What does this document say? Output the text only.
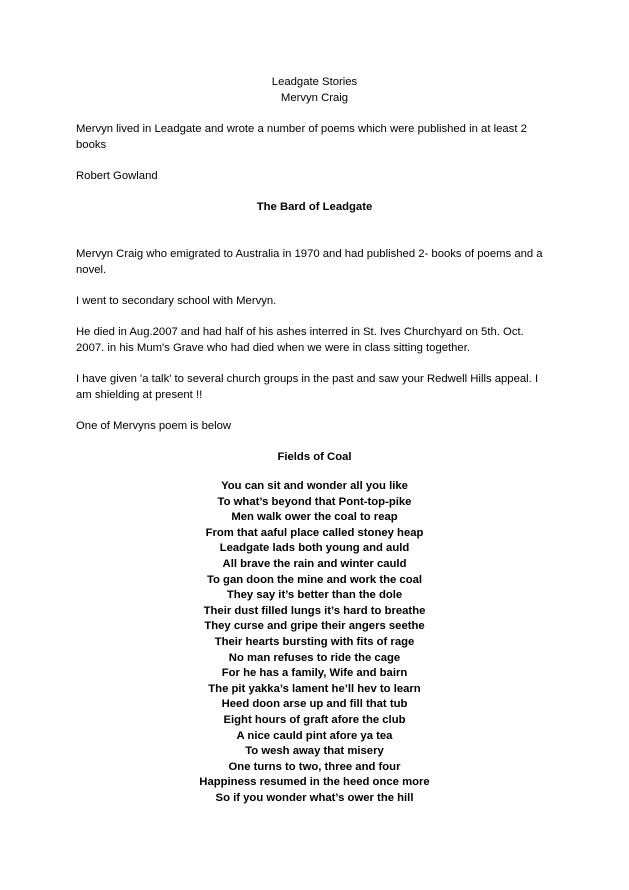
Leadgate Stories
Mervyn Craig

Mervyn lived in Leadgate and wrote a number of poems which were published in at least 2 books

Robert Gowland

The Bard of Leadgate

Mervyn Craig who emigrated to Australia in 1970 and had published 2- books of poems and a novel.

I went to secondary school with Mervyn.

He died in Aug.2007 and had half of his ashes interred in St. Ives Churchyard on 5th. Oct. 2007. in his Mum's Grave who had died when we were in class sitting together.

I have given 'a talk' to several church groups in the past and saw your Redwell Hills appeal. I am shielding at present !!

One of Mervyns poem is below

Fields of Coal

You can sit and wonder all you like
To what’s beyond that Pont-top-pike
Men walk ower the coal to reap
From that aaful place called stoney heap
Leadgate lads both young and auld
All brave the rain and winter cauld
To gan doon the mine and work the coal
They say it’s better than the dole
Their dust filled lungs it’s hard to breathe
They curse and gripe their angers seethe
Their hearts bursting with fits of rage
No man refuses to ride the cage
For he has a family, Wife and bairn
The pit yakka’s lament he’ll hev to learn
Heed doon arse up and fill that tub
Eight hours of graft afore the club
A nice cauld pint afore ya tea
To wesh away that misery
One turns to two, three and four
Happiness resumed in the heed once more
So if you wonder what’s ower the hill
